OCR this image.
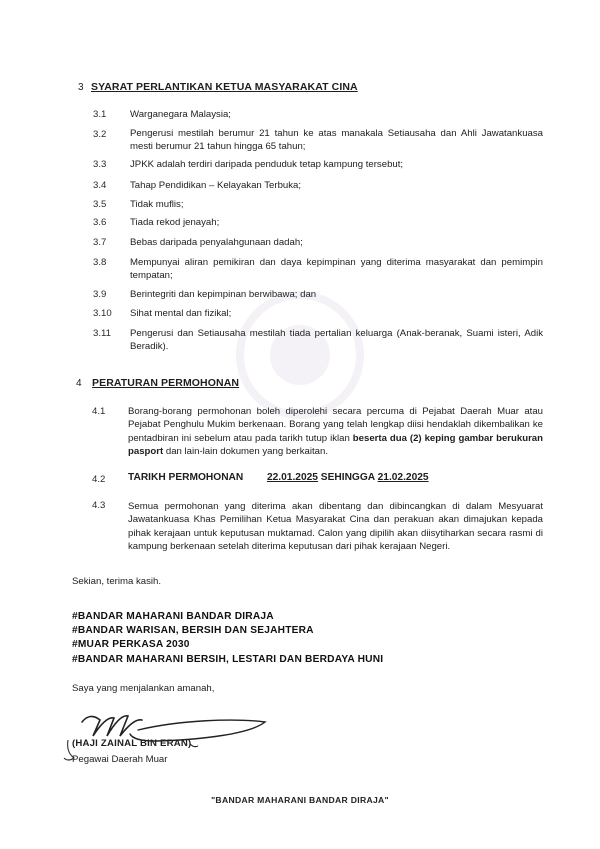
3 SYARAT PERLANTIKAN KETUA MASYARAKAT CINA
3.1 Warganegara Malaysia;
3.2 Pengerusi mestilah berumur 21 tahun ke atas manakala Setiausaha dan Ahli Jawatankuasa mesti berumur 21 tahun hingga 65 tahun;
3.3 JPKK adalah terdiri daripada penduduk tetap kampung tersebut;
3.4 Tahap Pendidikan – Kelayakan Terbuka;
3.5 Tidak muflis;
3.6 Tiada rekod jenayah;
3.7 Bebas daripada penyalahgunaan dadah;
3.8 Mempunyai aliran pemikiran dan daya kepimpinan yang diterima masyarakat dan pemimpin tempatan;
3.9 Berintegriti dan kepimpinan berwibawa; dan
3.10 Sihat mental dan fizikal;
3.11 Pengerusi dan Setiausaha mestilah tiada pertalian keluarga (Anak-beranak, Suami isteri, Adik Beradik).
4 PERATURAN PERMOHONAN
4.1 Borang-borang permohonan boleh diperolehi secara percuma di Pejabat Daerah Muar atau Pejabat Penghulu Mukim berkenaan. Borang yang telah lengkap diisi hendaklah dikembalikan ke pentadbiran ini sebelum atau pada tarikh tutup iklan beserta dua (2) keping gambar berukuran pasport dan lain-lain dokumen yang berkaitan.
4.2 TARIKH PERMOHONAN 22.01.2025 SEHINGGA 21.02.2025
4.3 Semua permohonan yang diterima akan dibentang dan dibincangkan di dalam Mesyuarat Jawatankuasa Khas Pemilihan Ketua Masyarakat Cina dan perakuan akan dimajukan kepada pihak kerajaan untuk keputusan muktamad. Calon yang dipilih akan diisytiharkan secara rasmi di kampung berkenaan setelah diterima keputusan dari pihak kerajaan Negeri.
Sekian, terima kasih.
#BANDAR MAHARANI BANDAR DIRAJA
#BANDAR WARISAN, BERSIH DAN SEJAHTERA
#MUAR PERKASA 2030
#BANDAR MAHARANI BERSIH, LESTARI DAN BERDAYA HUNI
Saya yang menjalankan amanah,
(HAJI ZAINAL BIN ERAN)
Pegawai Daerah Muar
"BANDAR MAHARANI BANDAR DIRAJA"
